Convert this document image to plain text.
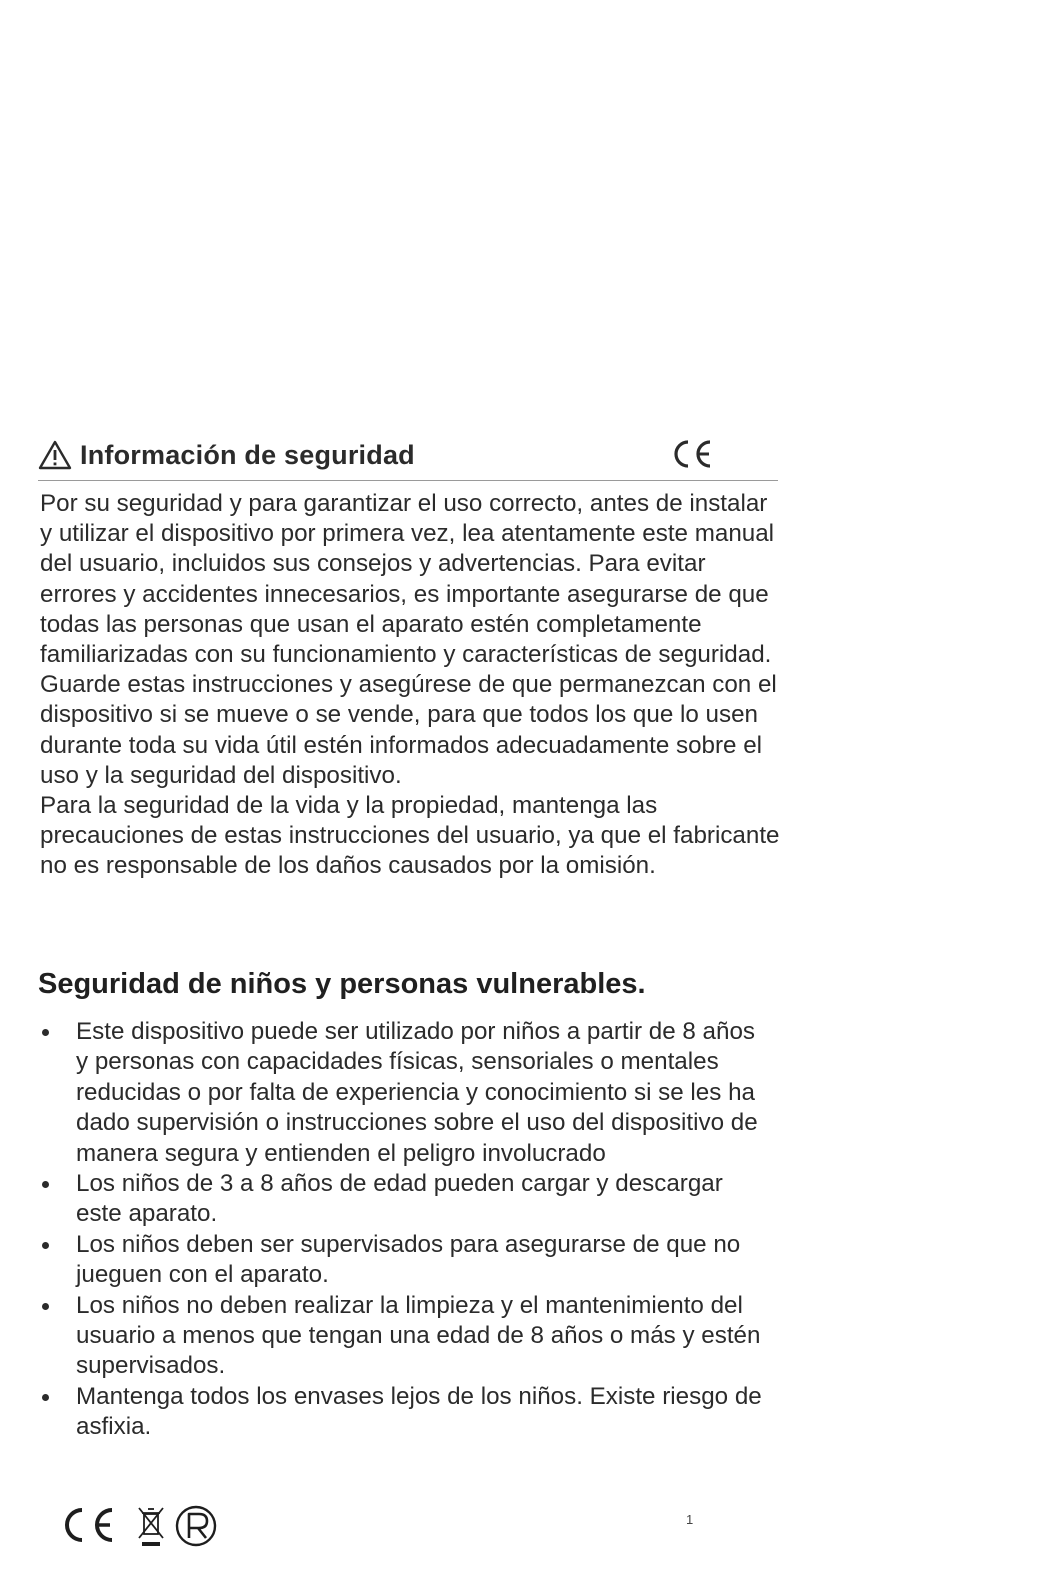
Información de seguridad

Por su seguridad y para garantizar el uso correcto, antes de instalar y utilizar el dispositivo por primera vez, lea atentamente este manual del usuario, incluidos sus consejos y advertencias. Para evitar errores y accidentes innecesarios, es importante asegurarse de que todas las personas que usan el aparato estén completamente familiarizadas con su funcionamiento y características de seguridad. Guarde estas instrucciones y asegúrese de que permanezcan con el dispositivo si se mueve o se vende, para que todos los que lo usen durante toda su vida útil estén informados adecuadamente sobre el uso y la seguridad del dispositivo.

Para la seguridad de la vida y la propiedad, mantenga las precauciones de estas instrucciones del usuario, ya que el fabricante no es responsable de los daños causados por la omisión.

Seguridad de niños y personas vulnerables.
Este dispositivo puede ser utilizado por niños a partir de 8 años y personas con capacidades físicas, sensoriales o mentales reducidas o por falta de experiencia y conocimiento si se les ha dado supervisión o instrucciones sobre el uso del dispositivo de manera segura y entienden el peligro involucrado
Los niños de 3 a 8 años de edad pueden cargar y descargar este aparato.
Los niños deben ser supervisados para asegurarse de que no jueguen con el aparato.
Los niños no deben realizar la limpieza y el mantenimiento del usuario a menos que tengan una edad de 8 años o más y estén supervisados.
Mantenga todos los envases lejos de los niños. Existe riesgo de asfixia.
1
